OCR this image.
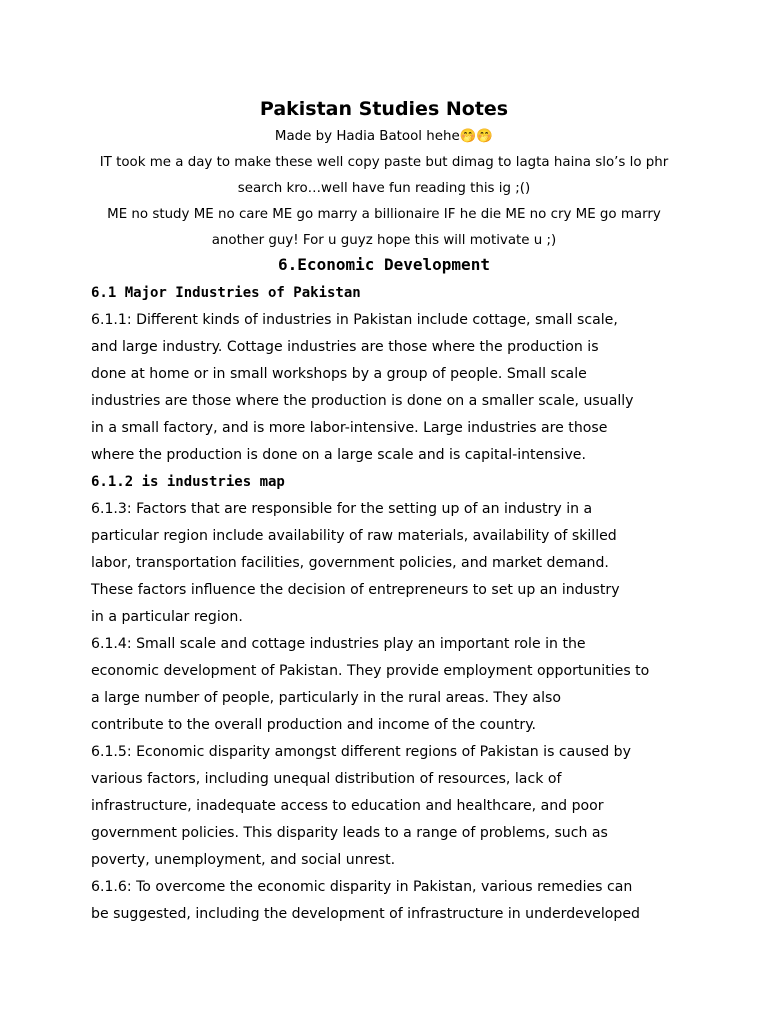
Pakistan Studies Notes
Made by Hadia Batool hehe🤭🤭
IT took me a day to make these well copy paste but dimag to lagta haina slo’s lo phr
search kro…well have fun reading this ig ;()
ME no study ME no care ME go marry a billionaire IF he die ME no cry ME go marry
another guy! For u guyz hope this will motivate u ;)
6.Economic Development
6.1 Major Industries of Pakistan
6.1.1: Different kinds of industries in Pakistan include cottage, small scale,
and large industry. Cottage industries are those where the production is
done at home or in small workshops by a group of people. Small scale
industries are those where the production is done on a smaller scale, usually
in a small factory, and is more labor-intensive. Large industries are those
where the production is done on a large scale and is capital-intensive.
6.1.2 is industries map
6.1.3: Factors that are responsible for the setting up of an industry in a
particular region include availability of raw materials, availability of skilled
labor, transportation facilities, government policies, and market demand.
These factors influence the decision of entrepreneurs to set up an industry
in a particular region.
6.1.4: Small scale and cottage industries play an important role in the
economic development of Pakistan. They provide employment opportunities to
a large number of people, particularly in the rural areas. They also
contribute to the overall production and income of the country.
6.1.5: Economic disparity amongst different regions of Pakistan is caused by
various factors, including unequal distribution of resources, lack of
infrastructure, inadequate access to education and healthcare, and poor
government policies. This disparity leads to a range of problems, such as
poverty, unemployment, and social unrest.
6.1.6: To overcome the economic disparity in Pakistan, various remedies can
be suggested, including the development of infrastructure in underdeveloped
